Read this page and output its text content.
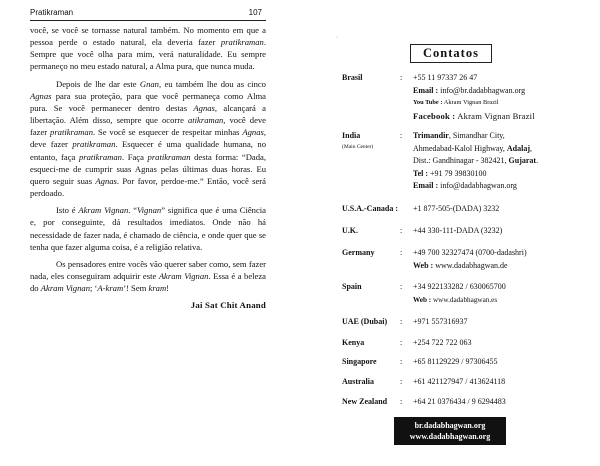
Pratikraman	107

você, se você se tornasse natural também. No momento em que a pessoa perde o estado natural, ela deveria fazer pratikraman. Sempre que você olha para mim, verá naturalidade. Eu sempre permaneço no meu estado natural, a Alma pura, que nunca muda.

Depois de lhe dar este Gnan, eu também lhe dou as cinco Agnas para sua proteção, para que você permaneça como Alma pura. Se você permanecer dentro destas Agnas, alcançará a libertação. Além disso, sempre que ocorre atikraman, você deve fazer pratikraman. Se você se esquecer de respeitar minhas Agnas, deve fazer pratikraman. Esquecer é uma qualidade humana, no entanto, faça pratikraman. Faça pratikraman desta forma: “Dada, esqueci-me de cumprir suas Agnas pelas últimas duas horas. Eu quero seguir suas Agnas. Por favor, perdoe-me.” Então, você será perdoado.

Isto é Akram Vignan. “Vignan” significa que é uma Ciência e, por conseguinte, dá resultados imediatos. Onde não há necessidade de fazer nada, é chamado de ciência, e onde quer que se tenha que fazer alguma coisa, é a religião relativa.

Os pensadores entre vocês vão querer saber como, sem fazer nada, eles conseguiram adquirir este Akram Vignan. Essa é a beleza do Akram Vignan; ‘A-kram’! Sem kram!

Jai Sat Chit Anand
·
Contatos
Brasil	: +55 11 97337 26 47
Email : info@br.dadabhagwan.org
You Tube : Akram Vignan Brazil
Facebook : Akram Vignan Brazil
India
(Main Center)
: Trimandir, Simandhar City,
Ahmedabad-Kalol Highway, Adalaj,
Dist.: Gandhinagar - 382421, Gujarat.
Tel : +91 79 39830100
Email : info@dadabhagwan.org
U.S.A.-Canada :	+1 877-505-(DADA) 3232
U.K.	: +44 330-111-DADA (3232)
Germany	: +49 700 32327474 (0700-dadashri)
Web : www.dadabhagwan.de
Spain	: +34 922133282 / 630065700
Web : www.dadabhagwan.es
UAE (Dubai)	: +971 557316937
Kenya	: +254 722 722 063
Singapore	: +65 81129229 / 97306455
Australia	: +61 421127947 / 413624118
New Zealand	: +64 21 0376434 / 9 6294483
br.dadabhagwan.org
www.dadabhagwan.org
